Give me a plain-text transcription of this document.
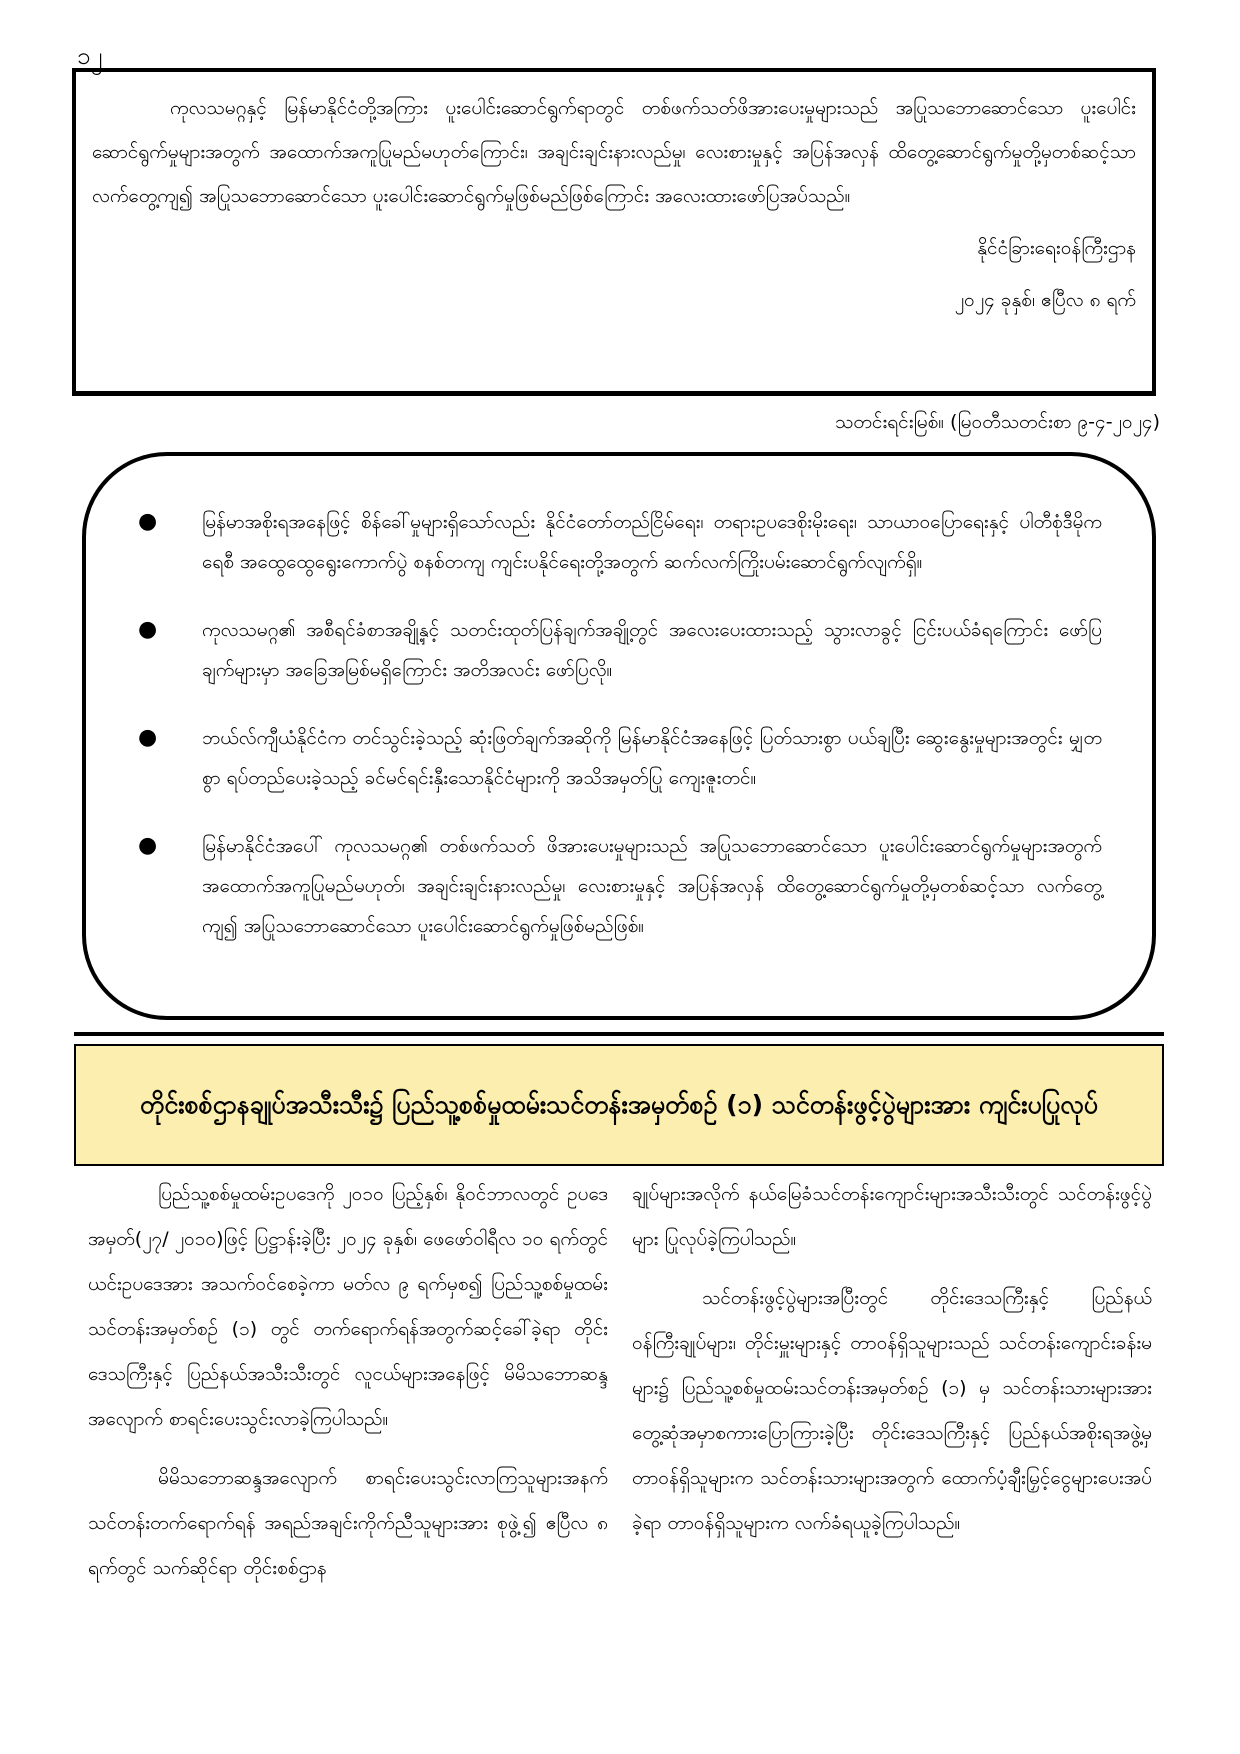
၁၂

ကုလသမဂ္ဂနှင့် မြန်မာနိုင်ငံတို့အကြား ပူးပေါင်းဆောင်ရွက်ရာတွင် တစ်ဖက်သတ်ဖိအားပေးမှုများသည် အပြုသဘောဆောင်သော ပူးပေါင်းဆောင်ရွက်မှုများအတွက် အထောက်အကူပြုမည်မဟုတ်ကြောင်း၊ အချင်းချင်းနားလည်မှု၊ လေးစားမှုနှင့် အပြန်အလှန် ထိတွေ့ဆောင်ရွက်မှုတို့မှတစ်ဆင့်သာ လက်တွေ့ကျ၍ အပြုသဘောဆောင်သော ပူးပေါင်းဆောင်ရွက်မှုဖြစ်မည်ဖြစ်ကြောင်း အလေးထားဖော်ပြအပ်သည်။

နိုင်ငံခြားရေးဝန်ကြီးဌာန
၂၀၂၄ ခုနှစ်၊ ဧပြီလ ၈ ရက်
သတင်းရင်းမြစ်။ (မြဝတီသတင်းစာ ၉-၄-၂၀၂၄)
●	မြန်မာအစိုးရအနေဖြင့် စိန်ခေါ်မှုများရှိသော်လည်း နိုင်ငံတော်တည်ငြိမ်ရေး၊ တရားဥပဒေစိုးမိုးရေး၊ သာယာဝပြောရေးနှင့် ပါတီစုံဒီမိုကရေစီ အထွေထွေရွေးကောက်ပွဲ စနစ်တကျ ကျင်းပနိုင်ရေးတို့အတွက် ဆက်လက်ကြိုးပမ်းဆောင်ရွက်လျက်ရှိ။
●	ကုလသမဂ္ဂ၏ အစီရင်ခံစာအချို့နှင့် သတင်းထုတ်ပြန်ချက်အချို့တွင် အလေးပေးထားသည့် သွားလာခွင့် ငြင်းပယ်ခံရကြောင်း ဖော်ပြချက်များမှာ အခြေအမြစ်မရှိကြောင်း အတိအလင်း ဖော်ပြလို။
●	ဘယ်လ်ကျီယံနိုင်ငံက တင်သွင်းခဲ့သည့် ဆုံးဖြတ်ချက်အဆိုကို မြန်မာနိုင်ငံအနေဖြင့် ပြတ်သားစွာ ပယ်ချပြီး ဆွေးနွေးမှုများအတွင်း မျှတစွာ ရပ်တည်ပေးခဲ့သည့် ခင်မင်ရင်းနှီးသောနိုင်ငံများကို အသိအမှတ်ပြု ကျေးဇူးတင်။
●	မြန်မာနိုင်ငံအပေါ် ကုလသမဂ္ဂ၏ တစ်ဖက်သတ် ဖိအားပေးမှုများသည် အပြုသဘောဆောင်သော ပူးပေါင်းဆောင်ရွက်မှုများအတွက် အထောက်အကူပြုမည်မဟုတ်၊ အချင်းချင်းနားလည်မှု၊ လေးစားမှုနှင့် အပြန်အလှန် ထိတွေ့ဆောင်ရွက်မှုတို့မှတစ်ဆင့်သာ လက်တွေ့ကျ၍ အပြုသဘောဆောင်သော ပူးပေါင်းဆောင်ရွက်မှုဖြစ်မည်ဖြစ်။
တိုင်းစစ်ဌာနချုပ်အသီးသီး၌ ပြည်သူ့စစ်မှုထမ်းသင်တန်းအမှတ်စဉ် (၁) သင်တန်းဖွင့်ပွဲများအား ကျင်းပပြုလုပ်

ပြည်သူ့စစ်မှုထမ်းဥပဒေကို ၂၀၁၀ ပြည့်နှစ်၊ နိုဝင်ဘာလတွင် ဥပဒေအမှတ်(၂၇/ ၂၀၁၀)ဖြင့် ပြဋ္ဌာန်းခဲ့ပြီး ၂၀၂၄ ခုနှစ်၊ ဖေဖော်ဝါရီလ ၁၀ ရက်တွင် ယင်းဥပဒေအား အသက်ဝင်စေခဲ့ကာ မတ်လ ၉ ရက်မှစ၍ ပြည်သူ့စစ်မှုထမ်းသင်တန်းအမှတ်စဉ် (၁) တွင် တက်ရောက်ရန်အတွက်ဆင့်ခေါ်ခဲ့ရာ တိုင်းဒေသကြီးနှင့် ပြည်နယ်အသီးသီးတွင် လူငယ်များအနေဖြင့် မိမိသဘောဆန္ဒအလျောက် စာရင်းပေးသွင်းလာခဲ့ကြပါသည်။

မိမိသဘောဆန္ဒအလျောက် စာရင်းပေးသွင်းလာကြသူများအနက် သင်တန်းတက်ရောက်ရန် အရည်အချင်းကိုက်ညီသူများအား စုဖွဲ့၍ ဧပြီလ ၈ ရက်တွင် သက်ဆိုင်ရာ တိုင်းစစ်ဌာန

ချုပ်များအလိုက် နယ်မြေခံသင်တန်းကျောင်းများအသီးသီးတွင် သင်တန်းဖွင့်ပွဲများ ပြုလုပ်ခဲ့ကြပါသည်။

သင်တန်းဖွင့်ပွဲများအပြီးတွင် တိုင်းဒေသကြီးနှင့် ပြည်နယ်ဝန်ကြီးချုပ်များ၊ တိုင်းမှူးများနှင့် တာဝန်ရှိသူများသည် သင်တန်းကျောင်းခန်းမများ၌ ပြည်သူ့စစ်မှုထမ်းသင်တန်းအမှတ်စဉ် (၁) မှ သင်တန်းသားများအား တွေ့ဆုံအမှာစကားပြောကြားခဲ့ပြီး တိုင်းဒေသကြီးနှင့် ပြည်နယ်အစိုးရအဖွဲ့မှ တာဝန်ရှိသူများက သင်တန်းသားများအတွက် ထောက်ပံ့ချီးမြှင့်ငွေများပေးအပ်ခဲ့ရာ တာဝန်ရှိသူများက လက်ခံရယူခဲ့ကြပါသည်။
